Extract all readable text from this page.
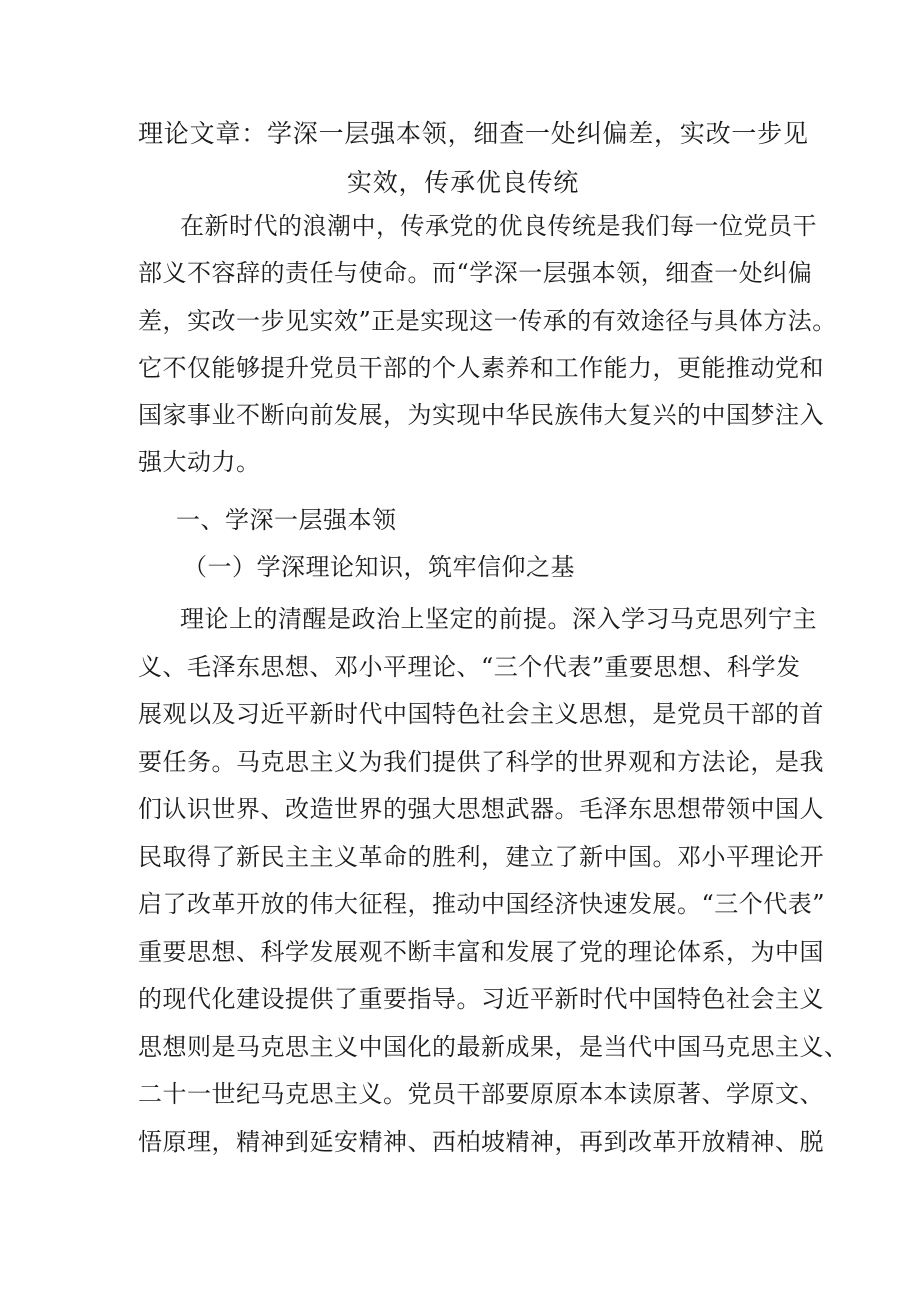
理论文章：学深一层强本领，细查一处纠偏差，实改一步见
实效，传承优良传统
在新时代的浪潮中，传承党的优良传统是我们每一位党员干
部义不容辞的责任与使命。而“学深一层强本领，细查一处纠偏
差，实改一步见实效”正是实现这一传承的有效途径与具体方法。
它不仅能够提升党员干部的个人素养和工作能力，更能推动党和
国家事业不断向前发展，为实现中华民族伟大复兴的中国梦注入
强大动力。
一、学深一层强本领
（一）学深理论知识，筑牢信仰之基
理论上的清醒是政治上坚定的前提。深入学习马克思列宁主
义、毛泽东思想、邓小平理论、“三个代表”重要思想、科学发
展观以及习近平新时代中国特色社会主义思想，是党员干部的首
要任务。马克思主义为我们提供了科学的世界观和方法论，是我
们认识世界、改造世界的强大思想武器。毛泽东思想带领中国人
民取得了新民主主义革命的胜利，建立了新中国。邓小平理论开
启了改革开放的伟大征程，推动中国经济快速发展。“三个代表”
重要思想、科学发展观不断丰富和发展了党的理论体系，为中国
的现代化建设提供了重要指导。习近平新时代中国特色社会主义
思想则是马克思主义中国化的最新成果，是当代中国马克思主义、
二十一世纪马克思主义。党员干部要原原本本读原著、学原文、
悟原理，精神到延安精神、西柏坡精神，再到改革开放精神、脱
